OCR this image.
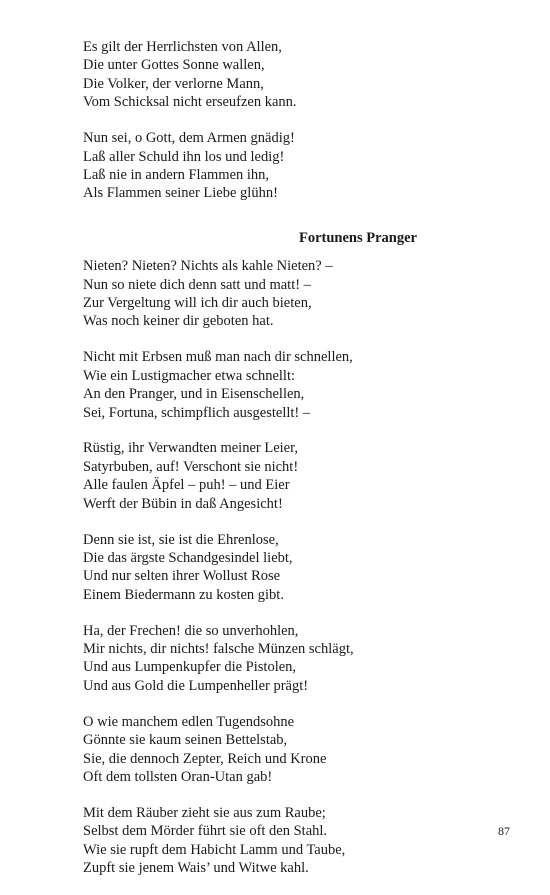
Es gilt der Herrlichsten von Allen,
Die unter Gottes Sonne wallen,
Die Volker, der verlorne Mann,
Vom Schicksal nicht erseufzen kann.
Nun sei, o Gott, dem Armen gnädig!
Laß aller Schuld ihn los und ledig!
Laß nie in andern Flammen ihn,
Als Flammen seiner Liebe glühn!
Fortunens Pranger
Nieten? Nieten? Nichts als kahle Nieten? –
Nun so niete dich denn satt und matt! –
Zur Vergeltung will ich dir auch bieten,
Was noch keiner dir geboten hat.
Nicht mit Erbsen muß man nach dir schnellen,
Wie ein Lustigmacher etwa schnellt:
An den Pranger, und in Eisenschellen,
Sei, Fortuna, schimpflich ausgestellt! –
Rüstig, ihr Verwandten meiner Leier,
Satyrbuben, auf! Verschont sie nicht!
Alle faulen Äpfel – puh! – und Eier
Werft der Bübin in daß Angesicht!
Denn sie ist, sie ist die Ehrenlose,
Die das ärgste Schandgesindel liebt,
Und nur selten ihrer Wollust Rose
Einem Biedermann zu kosten gibt.
Ha, der Frechen! die so unverhohlen,
Mir nichts, dir nichts! falsche Münzen schlägt,
Und aus Lumpenkupfer die Pistolen,
Und aus Gold die Lumpenheller prägt!
O wie manchem edlen Tugendsohne
Gönnte sie kaum seinen Bettelstab,
Sie, die dennoch Zepter, Reich und Krone
Oft dem tollsten Oran-Utan gab!
Mit dem Räuber zieht sie aus zum Raube;
Selbst dem Mörder führt sie oft den Stahl.
Wie sie rupft dem Habicht Lamm und Taube,
Zupft sie jenem Wais’ und Witwe kahl.
87
